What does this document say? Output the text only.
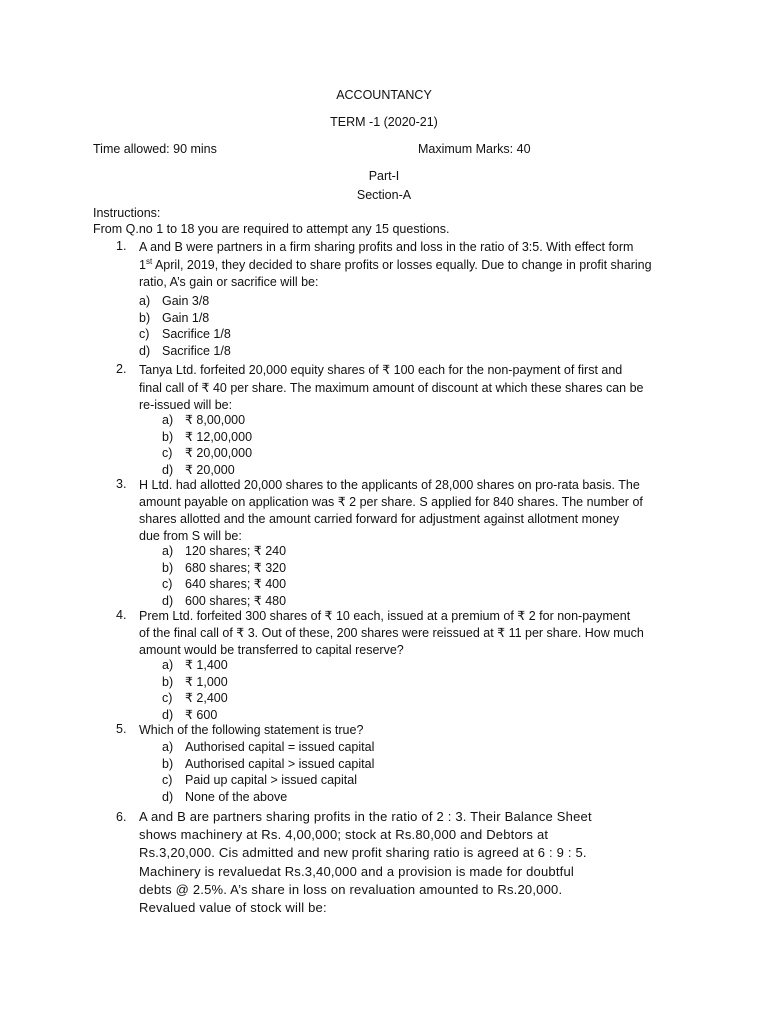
ACCOUNTANCY
TERM -1 (2020-21)
Time allowed: 90 mins	Maximum Marks: 40
Part-I
Section-A
Instructions:
From Q.no 1 to 18 you are required to attempt any 15 questions.
1.	A and B were partners in a firm sharing profits and loss in the ratio of 3:5. With effect form
1st April, 2019, they decided to share profits or losses equally. Due to change in profit sharing
ratio, A’s gain or sacrifice will be:
a) Gain 3/8
b) Gain 1/8
c) Sacrifice 1/8
d) Sacrifice 1/8
2.	Tanya Ltd. forfeited 20,000 equity shares of ₹ 100 each for the non-payment of first and
final call of ₹ 40 per share. The maximum amount of discount at which these shares can be
re-issued will be:
a) ₹ 8,00,000
b) ₹ 12,00,000
c) ₹ 20,00,000
d) ₹ 20,000
3.	H Ltd. had allotted 20,000 shares to the applicants of 28,000 shares on pro-rata basis. The
amount payable on application was ₹ 2 per share. S applied for 840 shares. The number of
shares allotted and the amount carried forward for adjustment against allotment money
due from S will be:
a) 120 shares; ₹ 240
b) 680 shares; ₹ 320
c) 640 shares; ₹ 400
d) 600 shares; ₹ 480
4.	Prem Ltd. forfeited 300 shares of ₹ 10 each, issued at a premium of ₹ 2 for non-payment
of the final call of ₹ 3. Out of these, 200 shares were reissued at ₹ 11 per share. How much
amount would be transferred to capital reserve?
a) ₹ 1,400
b) ₹ 1,000
c) ₹ 2,400
d) ₹ 600
5.	Which of the following statement is true?
a) Authorised capital = issued capital
b) Authorised capital > issued capital
c) Paid up capital > issued capital
d) None of the above
6. A and B are partners sharing profits in the ratio of 2 : 3. Their Balance Sheet
shows machinery at Rs. 4,00,000; stock at Rs.80,000 and Debtors at
Rs.3,20,000. Cis admitted and new profit sharing ratio is agreed at 6 : 9 : 5.
Machinery is revaluedat Rs.3,40,000 and a provision is made for doubtful
debts @ 2.5%. A’s share in loss on revaluation amounted to Rs.20,000.
Revalued value of stock will be:
